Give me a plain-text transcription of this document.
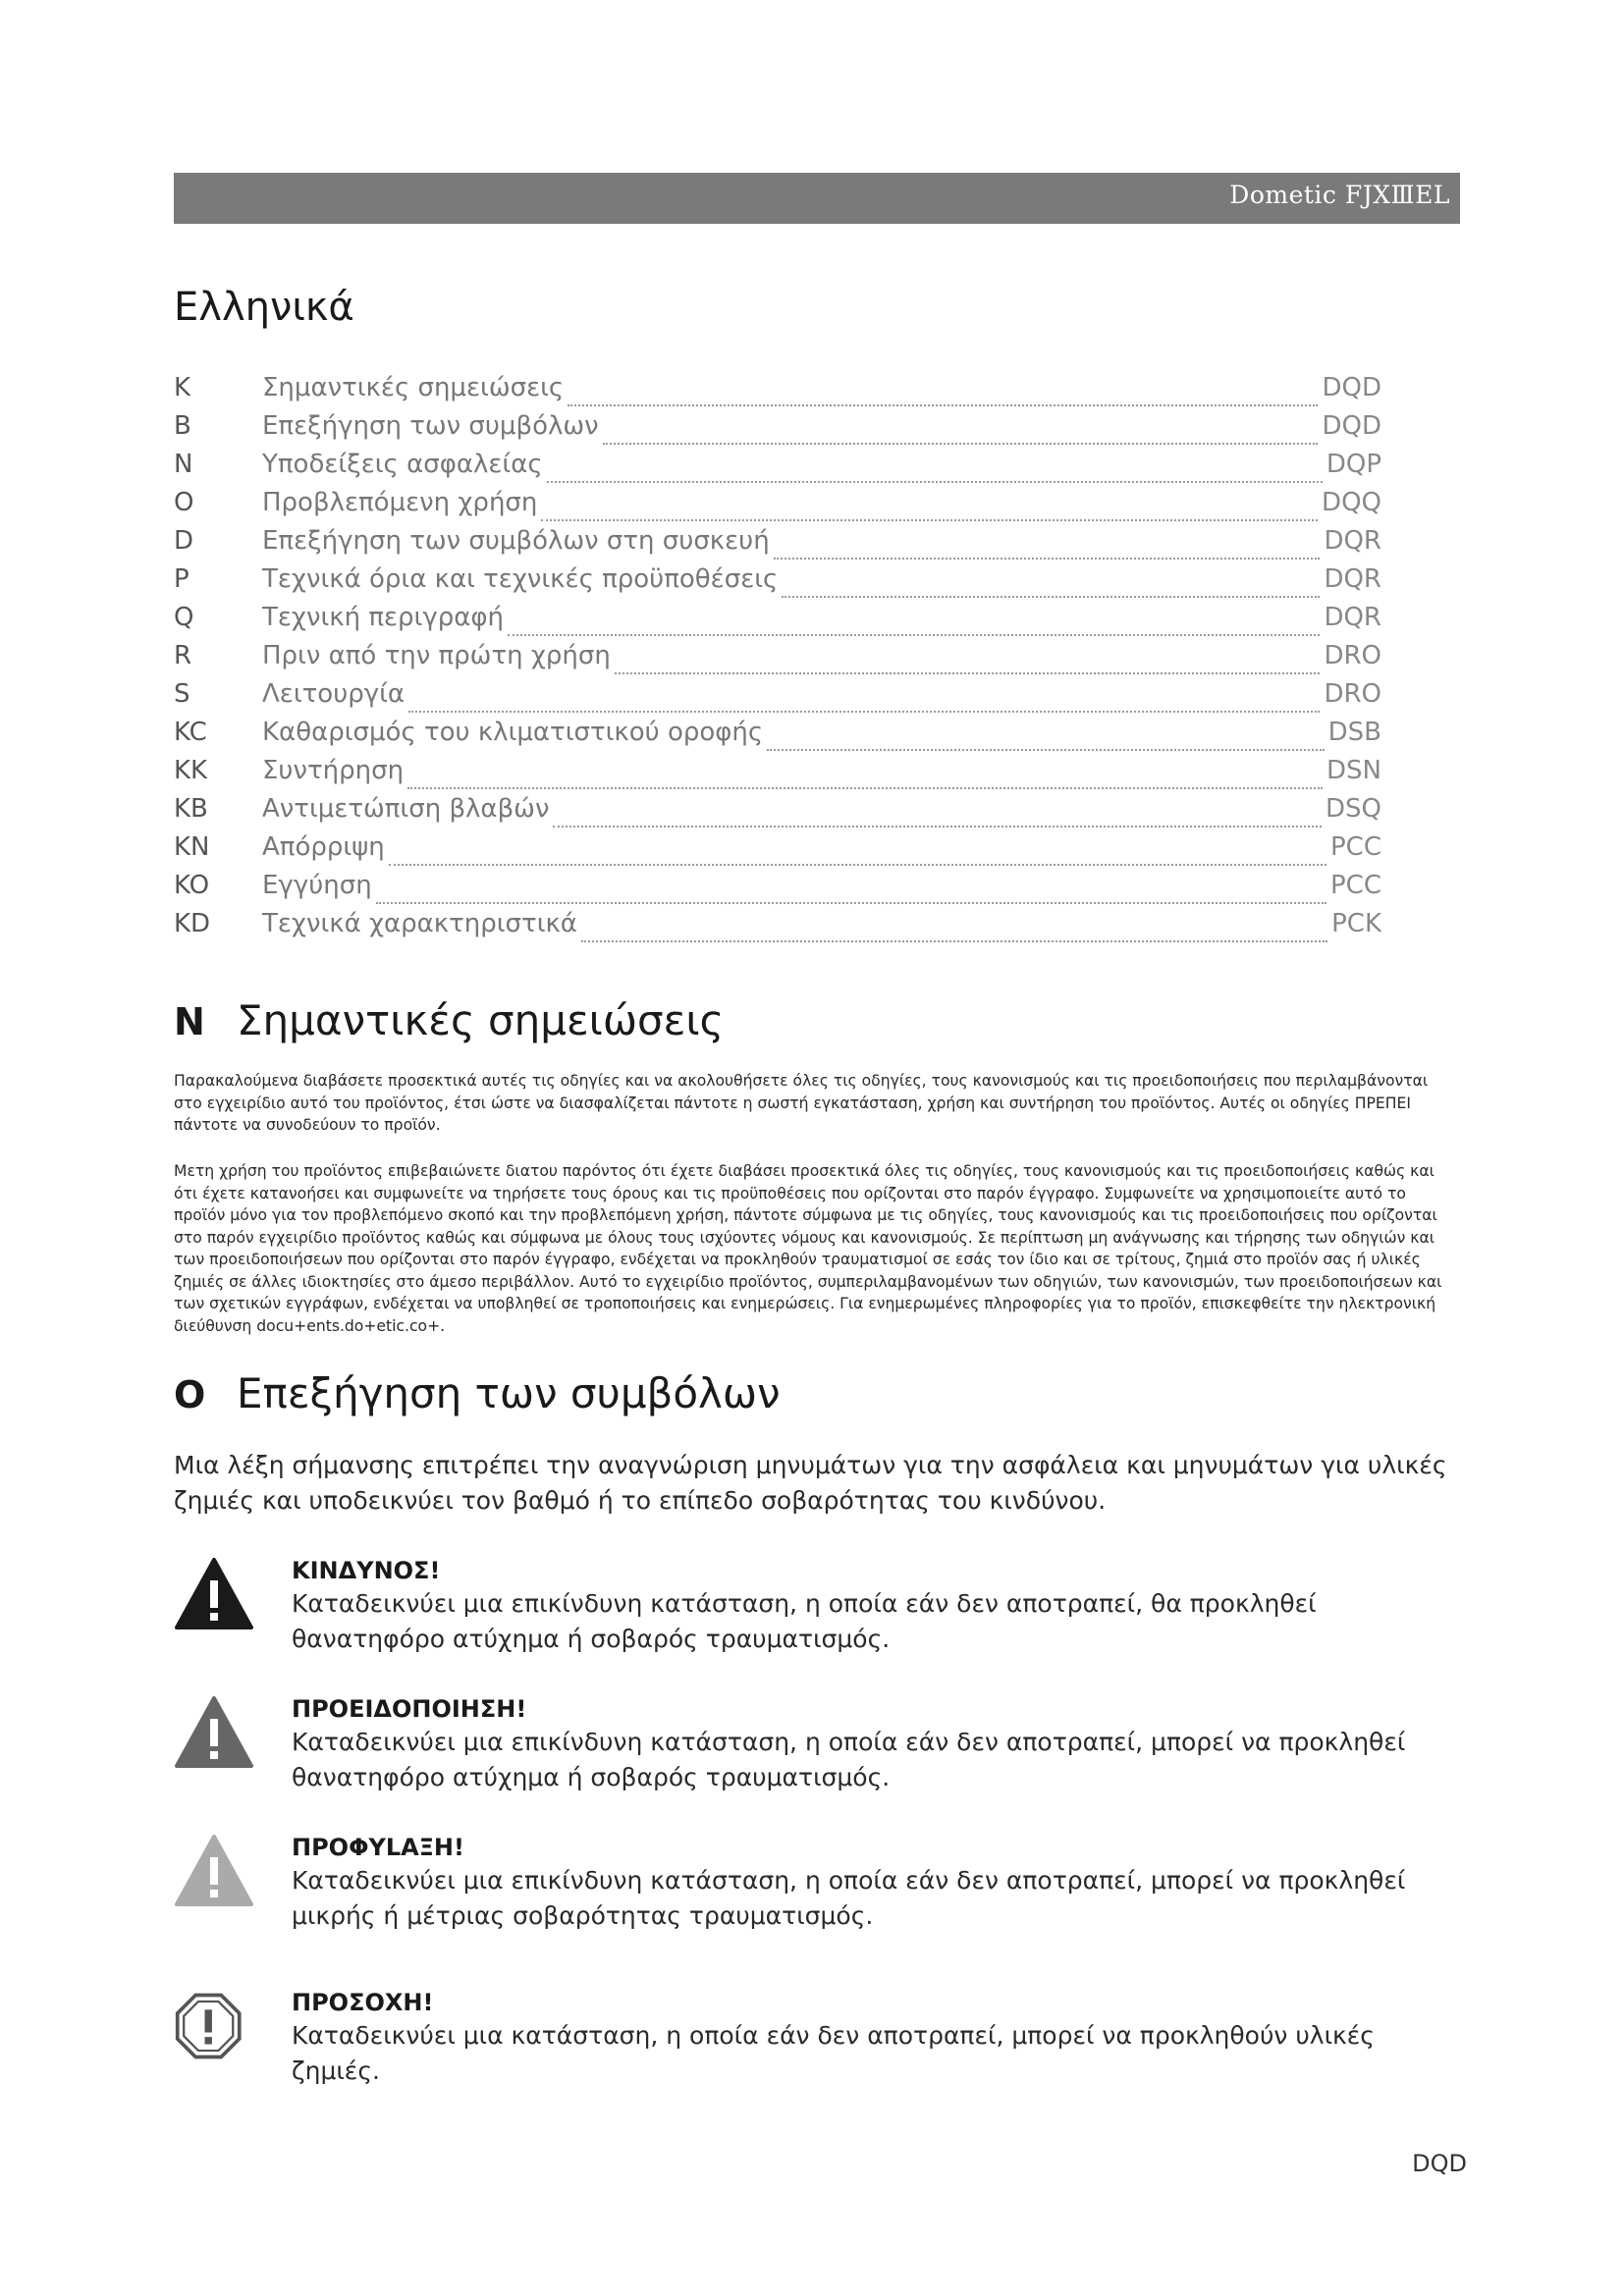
Dometic FJXⅢEL
Ελληνικά
K	Σημαντικές σημειώσεις	DQD
B	Επεξήγηση των συμβόλων	DQD
N	Υποδείξεις ασφαλείας	DQP
O	Προβλεπόμενη χρήση	DQQ
D	Επεξήγηση των συμβόλων στη συσκευή	DQR
P	Τεχνικά όρια και τεχνικές προϋποθέσεις	DQR
Q	Τεχνική περιγραφή	DQR
R	Πριν από την πρώτη χρήση	DRO
S	Λειτουργία	DRO
KC	Καθαρισμός του κλιματιστικού οροφής	DSB
KK	Συντήρηση	DSN
KB	Αντιμετώπιση βλαβών	DSQ
KN	Απόρριψη	PCC
KO	Εγγύηση	PCC
KD	Τεχνικά χαρακτηριστικά	PCK
N Σημαντικές σημειώσεις

Παρακαλούμενα διαβάσετε προσεκτικά αυτές τις οδηγίες και να ακολουθήσετε όλες τις οδηγίες, τους κανονισμούς και τις προειδοποιήσεις που περιλαμβάνονται στο εγχειρίδιο αυτό του προϊόντος, έτσι ώστε να διασφαλίζεται πάντοτε η σωστή εγκατάσταση, χρήση και συντήρηση του προϊόντος. Αυτές οι οδηγίες ΠΡΕΠΕΙ πάντοτε να συνοδεύουν το προϊόν.

Μετη χρήση του προϊόντος επιβεβαιώνετε διατου παρόντος ότι έχετε διαβάσει προσεκτικά όλες τις οδηγίες, τους κανονισμούς και τις προειδοποιήσεις καθώς και ότι έχετε κατανοήσει και συμφωνείτε να τηρήσετε τους όρους και τις προϋποθέσεις που ορίζονται στο παρόν έγγραφο. Συμφωνείτε να χρησιμοποιείτε αυτό το προϊόν μόνο για τον προβλεπόμενο σκοπό και την προβλεπόμενη χρήση, πάντοτε σύμφωνα με τις οδηγίες, τους κανονισμούς και τις προειδοποιήσεις που ορίζονται στο παρόν εγχειρίδιο προϊόντος καθώς και σύμφωνα με όλους τους ισχύοντες νόμους και κανονισμούς. Σε περίπτωση μη ανάγνωσης και τήρησης των οδηγιών και των προειδοποιήσεων που ορίζονται στο παρόν έγγραφο, ενδέχεται να προκληθούν τραυματισμοί σε εσάς τον ίδιο και σε τρίτους, ζημιά στο προϊόν σας ή υλικές ζημιές σε άλλες ιδιοκτησίες στο άμεσο περιβάλλον. Αυτό το εγχειρίδιο προϊόντος, συμπεριλαμβανομένων των οδηγιών, των κανονισμών, των προειδοποιήσεων και των σχετικών εγγράφων, ενδέχεται να υποβληθεί σε τροποποιήσεις και ενημερώσεις. Για ενημερωμένες πληροφορίες για το προϊόν, επισκεφθείτε την ηλεκτρονική διεύθυνση docu+ents.do+etic.co+.

O Επεξήγηση των συμβόλων

Μια λέξη σήμανσης επιτρέπει την αναγνώριση μηνυμάτων για την ασφάλεια και μηνυμάτων για υλικές ζημιές και υποδεικνύει τον βαθμό ή το επίπεδο σοβαρότητας του κινδύνου.

ΚΙΝΔΥΝΟΣ!

Καταδεικνύει μια επικίνδυνη κατάσταση, η οποία εάν δεν αποτραπεί, θα προκληθεί θανατηφόρο ατύχημα ή σοβαρός τραυματισμός.

ΠΡΟΕΙΔΟΠΟΙΗΣΗ!

Καταδεικνύει μια επικίνδυνη κατάσταση, η οποία εάν δεν αποτραπεί, μπορεί να προκληθεί θανατηφόρο ατύχημα ή σοβαρός τραυματισμός.

ΠΡΟΦΥLAΞΗ!

Καταδεικνύει μια επικίνδυνη κατάσταση, η οποία εάν δεν αποτραπεί, μπορεί να προκληθεί μικρής ή μέτριας σοβαρότητας τραυματισμός.

ΠΡΟΣΟΧΗ!

Καταδεικνύει μια κατάσταση, η οποία εάν δεν αποτραπεί, μπορεί να προκληθούν υλικές ζημιές.

DQD
